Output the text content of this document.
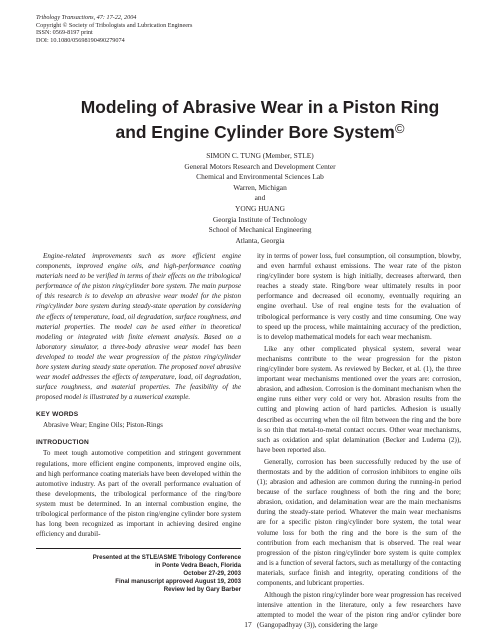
Tribology Transactions, 47: 17-22, 2004
Copyright © Society of Tribologists and Lubrication Engineers
ISSN: 0569-8197 print
DOI: 10.1080/05698190490279074
Modeling of Abrasive Wear in a Piston Ring
and Engine Cylinder Bore System©
SIMON C. TUNG (Member, STLE)
General Motors Research and Development Center
Chemical and Environmental Sciences Lab
Warren, Michigan
and
YONG HUANG
Georgia Institute of Technology
School of Mechanical Engineering
Atlanta, Georgia

Engine-related improvements such as more efficient engine components, improved engine oils, and high-performance coating materials need to be verified in terms of their effects on the tribological performance of the piston ring/cylinder bore system. The main purpose of this research is to develop an abrasive wear model for the piston ring/cylinder bore system during steady-state operation by considering the effects of temperature, load, oil degradation, surface roughness, and material properties. The model can be used either in theoretical modeling or integrated with finite element analysis. Based on a laboratory simulator, a three-body abrasive wear model has been developed to model the wear progression of the piston ring/cylinder bore system during steady state operation. The proposed novel abrasive wear model addresses the effects of temperature, load, oil degradation, surface roughness, and material properties. The feasibility of the proposed model is illustrated by a numerical example.

KEY WORDS

Abrasive Wear; Engine Oils; Piston-Rings

INTRODUCTION

To meet tough automotive competition and stringent government regulations, more efficient engine components, improved engine oils, and high performance coating materials have been developed within the automotive industry. As part of the overall performance evaluation of these developments, the tribological performance of the ring/bore system must be determined. In an internal combustion engine, the tribological performance of the piston ring/engine cylinder bore system has long been recognized as important in achieving desired engine efficiency and durabil-

ity in terms of power loss, fuel consumption, oil consumption, blowby, and even harmful exhaust emissions. The wear rate of the piston ring/cylinder bore system is high initially, decreases afterward, then reaches a steady state. Ring/bore wear ultimately results in poor performance and decreased oil economy, eventually requiring an engine overhaul. Use of real engine tests for the evaluation of tribological performance is very costly and time consuming. One way to speed up the process, while maintaining accuracy of the prediction, is to develop mathematical models for each wear mechanism.

Like any other complicated physical system, several wear mechanisms contribute to the wear progression for the piston ring/cylinder bore system. As reviewed by Becker, et al. (1), the three important wear mechanisms mentioned over the years are: corrosion, abrasion, and adhesion. Corrosion is the dominant mechanism when the engine runs either very cold or very hot. Abrasion results from the cutting and plowing action of hard particles. Adhesion is usually described as occurring when the oil film between the ring and the bore is so thin that metal-to-metal contact occurs. Other wear mechanisms, such as oxidation and splat delamination (Becker and Ludema (2)), have been reported also.

Generally, corrosion has been successfully reduced by the use of thermostats and by the addition of corrosion inhibitors to engine oils (1); abrasion and adhesion are common during the running-in period because of the surface roughness of both the ring and the bore; abrasion, oxidation, and delamination wear are the main mechanisms during the steady-state period. Whatever the main wear mechanisms are for a specific piston ring/cylinder bore system, the total wear volume loss for both the ring and the bore is the sum of the contribution from each mechanism that is observed. The real wear progression of the piston ring/cylinder bore system is quite complex and is a function of several factors, such as metallurgy of the contacting materials, surface finish and integrity, operating conditions of the components, and lubricant properties.

Although the piston ring/cylinder bore wear progression has received intensive attention in the literature, only a few researchers have attempted to model the wear of the piston ring and/or cylinder bore (Gangopadhyay (3)), considering the large

Presented at the STLE/ASME Tribology Conference
in Ponte Vedra Beach, Florida
October 27-29, 2003
Final manuscript approved August 19, 2003
Review led by Gary Barber
17
